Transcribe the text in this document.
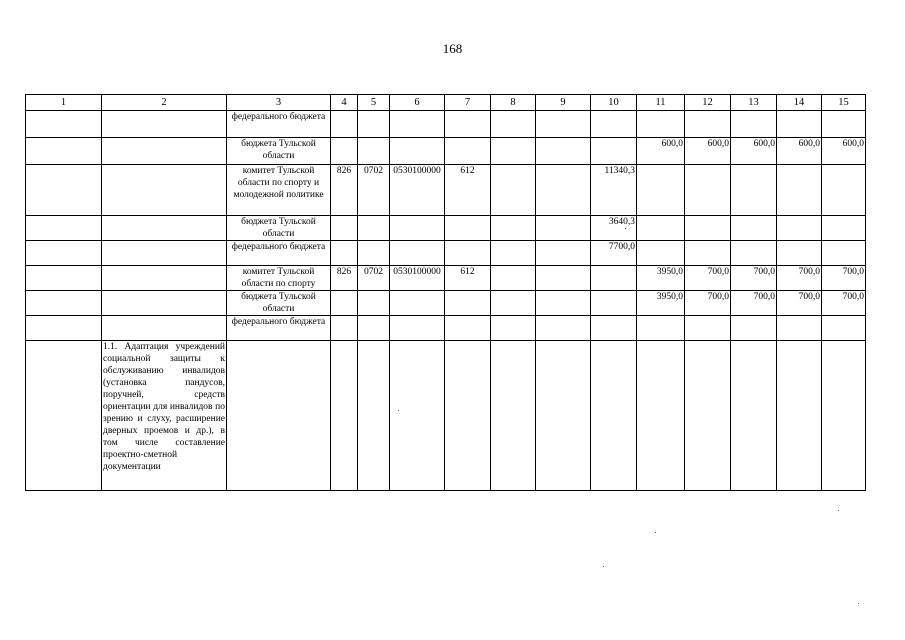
168
1	2	3	4	5	6	7	8	9	10	11	12	13	14	15
		федерального бюджета												
		бюджета Тульской области								600,0	600,0	600,0	600,0	600,0
		комитет Тульской области по спорту и молодежной политике	826	0702	0530100000	612			11340,3					
		бюджета Тульской области							3640,3					
		федерального бюджета							7700,0					
		комитет Тульской области по спорту	826	0702	0530100000	612				3950,0	700,0	700,0	700,0	700,0
		бюджета Тульской области								3950,0	700,0	700,0	700,0	700,0
		федерального бюджета												
	1.1. Адаптация учреждений социальной защиты к обслуживанию инвалидов (установка пандусов, поручней, средств ориентации для инвалидов по зрению и слуху, расширение дверных проемов и др.), в том числе составление проектно-сметной документации													
